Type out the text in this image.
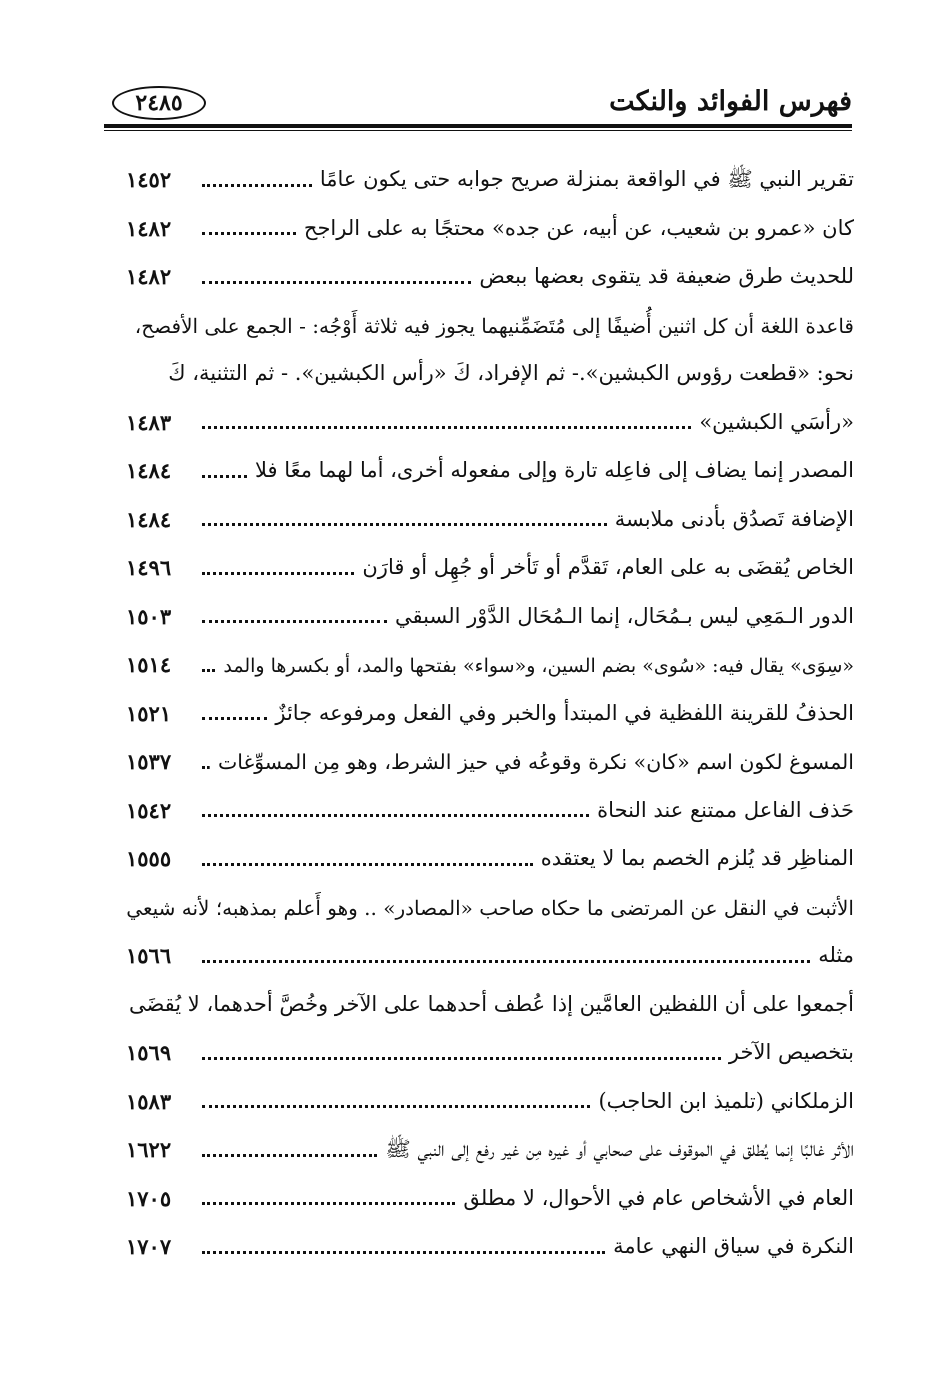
فهرس الفوائد والنكت
٢٤٨٥
تقرير النبي ﷺ في الواقعة بمنزلة صريح جوابه حتى يكون عامًا
١٤٥٢
كان «عمرو بن شعيب، عن أبيه، عن جده» محتجًا به على الراجح
١٤٨٢
للحديث طرق ضعيفة قد يتقوى بعضها ببعض
١٤٨٢
قاعدة اللغة أن كل اثنين أُضيفًا إلى مُتَضَمِّنيهما يجوز فيه ثلاثة أَوْجُه: - الجمع على الأفصح،
نحو: «قطعت رؤوس الكبشين».- ثم الإفراد، كَ «رأس الكبشين». - ثم التثنية، كَ
«رأسَي الكبشين»
١٤٨٣
المصدر إنما يضاف إلى فاعِله تارة وإلى مفعوله أخرى، أما لهما معًا فلا
١٤٨٤
الإضافة تَصدُق بأدنى ملابسة
١٤٨٤
الخاص يُقضَى به على العام، تَقدَّم أو تَأخر أو جُهِل أو قارَن
١٤٩٦
الدور الـمَعِي ليس بـمُحَال، إنما الـمُحَال الدَّوْر السبقي
١٥٠٣
«سِوَى» يقال فيه: «سُوى» بضم السين، و«سواء» بفتحها والمد، أو بكسرها والمد
١٥١٤
الحذفُ للقرينة اللفظية في المبتدأ والخبر وفي الفعل ومرفوعه جائزٌ
١٥٢١
المسوغ لكون اسم «كان» نكرة وقوعُه في حيز الشرط، وهو مِن المسوِّغات
١٥٣٧
حَذف الفاعل ممتنع عند النحاة
١٥٤٢
المناظِر قد يُلزم الخصم بما لا يعتقده
١٥٥٥
الأثبت في النقل عن المرتضى ما حكاه صاحب «المصادر» .. وهو أَعلم بمذهبه؛ لأنه شيعي
مثله
١٥٦٦
أجمعوا على أن اللفظين العامَّين إذا عُطف أحدهما على الآخر وخُصَّ أحدهما، لا يُقضَى
بتخصيص الآخر
١٥٦٩
الزملكاني (تلميذ ابن الحاجب)
١٥٨٣
الأثر غالبًا إنما يُطلق في الموقوف على صحابي أو غيره مِن غير رفع إلى النبي ﷺ
١٦٢٢
العام في الأشخاص عام في الأحوال، لا مطلق
١٧٠٥
النكرة في سياق النهي عامة
١٧٠٧
